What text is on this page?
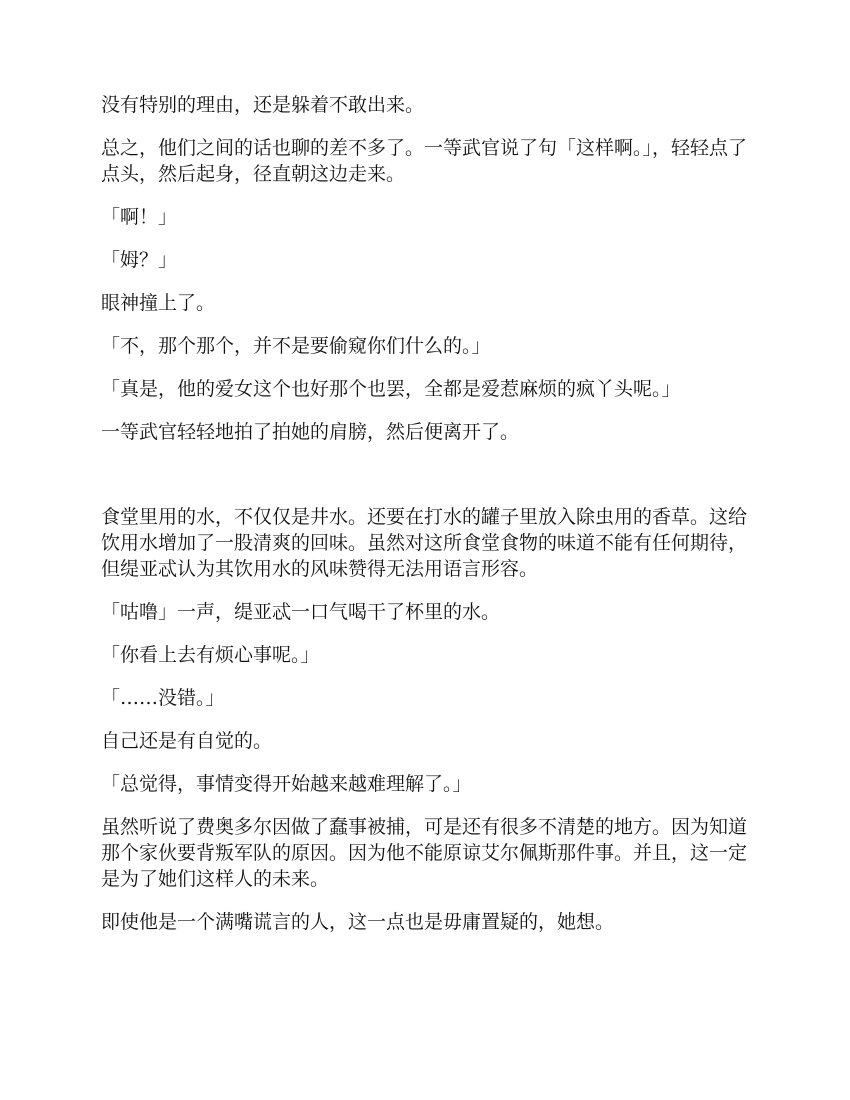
没有特别的理由，还是躲着不敢出来。

总之，他们之间的话也聊的差不多了。一等武官说了句「这样啊。」，轻轻点了点头，然后起身，径直朝这边走来。

「啊！」

「姆？」

眼神撞上了。

「不，那个那个，并不是要偷窥你们什么的。」

「真是，他的爱女这个也好那个也罢，全都是爱惹麻烦的疯丫头呢。」

一等武官轻轻地拍了拍她的肩膀，然后便离开了。

食堂里用的水，不仅仅是井水。还要在打水的罐子里放入除虫用的香草。这给饮用水增加了一股清爽的回味。虽然对这所食堂食物的味道不能有任何期待，但缇亚忒认为其饮用水的风味赞得无法用语言形容。

「咕噜」一声，缇亚忒一口气喝干了杯里的水。

「你看上去有烦心事呢。」

「……没错。」

自己还是有自觉的。

「总觉得，事情变得开始越来越难理解了。」

虽然听说了费奥多尔因做了蠢事被捕，可是还有很多不清楚的地方。因为知道那个家伙要背叛军队的原因。因为他不能原谅艾尔佩斯那件事。并且，这一定是为了她们这样人的未来。

即使他是一个满嘴谎言的人，这一点也是毋庸置疑的，她想。
